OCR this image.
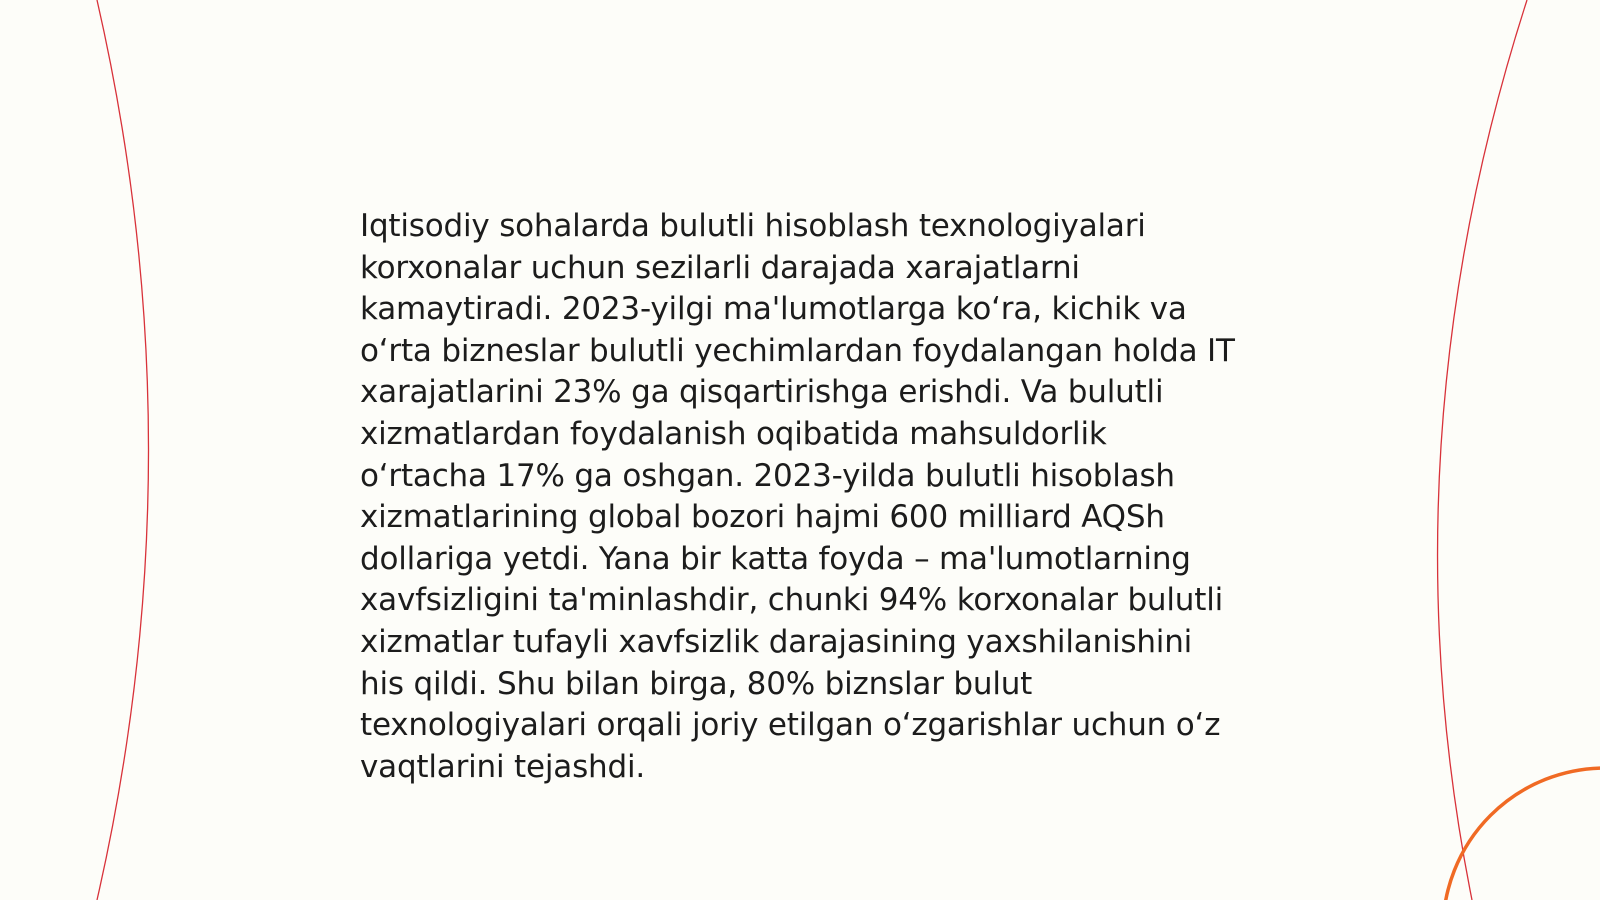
Iqtisodiy sohalarda bulutli hisoblash texnologiyalari korxonalar uchun sezilarli darajada xarajatlarni kamaytiradi. 2023-yilgi ma'lumotlarga ko‘ra, kichik va o‘rta bizneslar bulutli yechimlardan foydalangan holda IT xarajatlarini 23% ga qisqartirishga erishdi. Va bulutli xizmatlardan foydalanish oqibatida mahsuldorlik o‘rtacha 17% ga oshgan. 2023-yilda bulutli hisoblash xizmatlarining global bozori hajmi 600 milliard AQSh dollariga yetdi. Yana bir katta foyda – ma'lumotlarning xavfsizligini ta'minlashdir, chunki 94% korxonalar bulutli xizmatlar tufayli xavfsizlik darajasining yaxshilanishini his qildi. Shu bilan birga, 80% biznslar bulut texnologiyalari orqali joriy etilgan o‘zgarishlar uchun o‘z vaqtlarini tejashdi.
